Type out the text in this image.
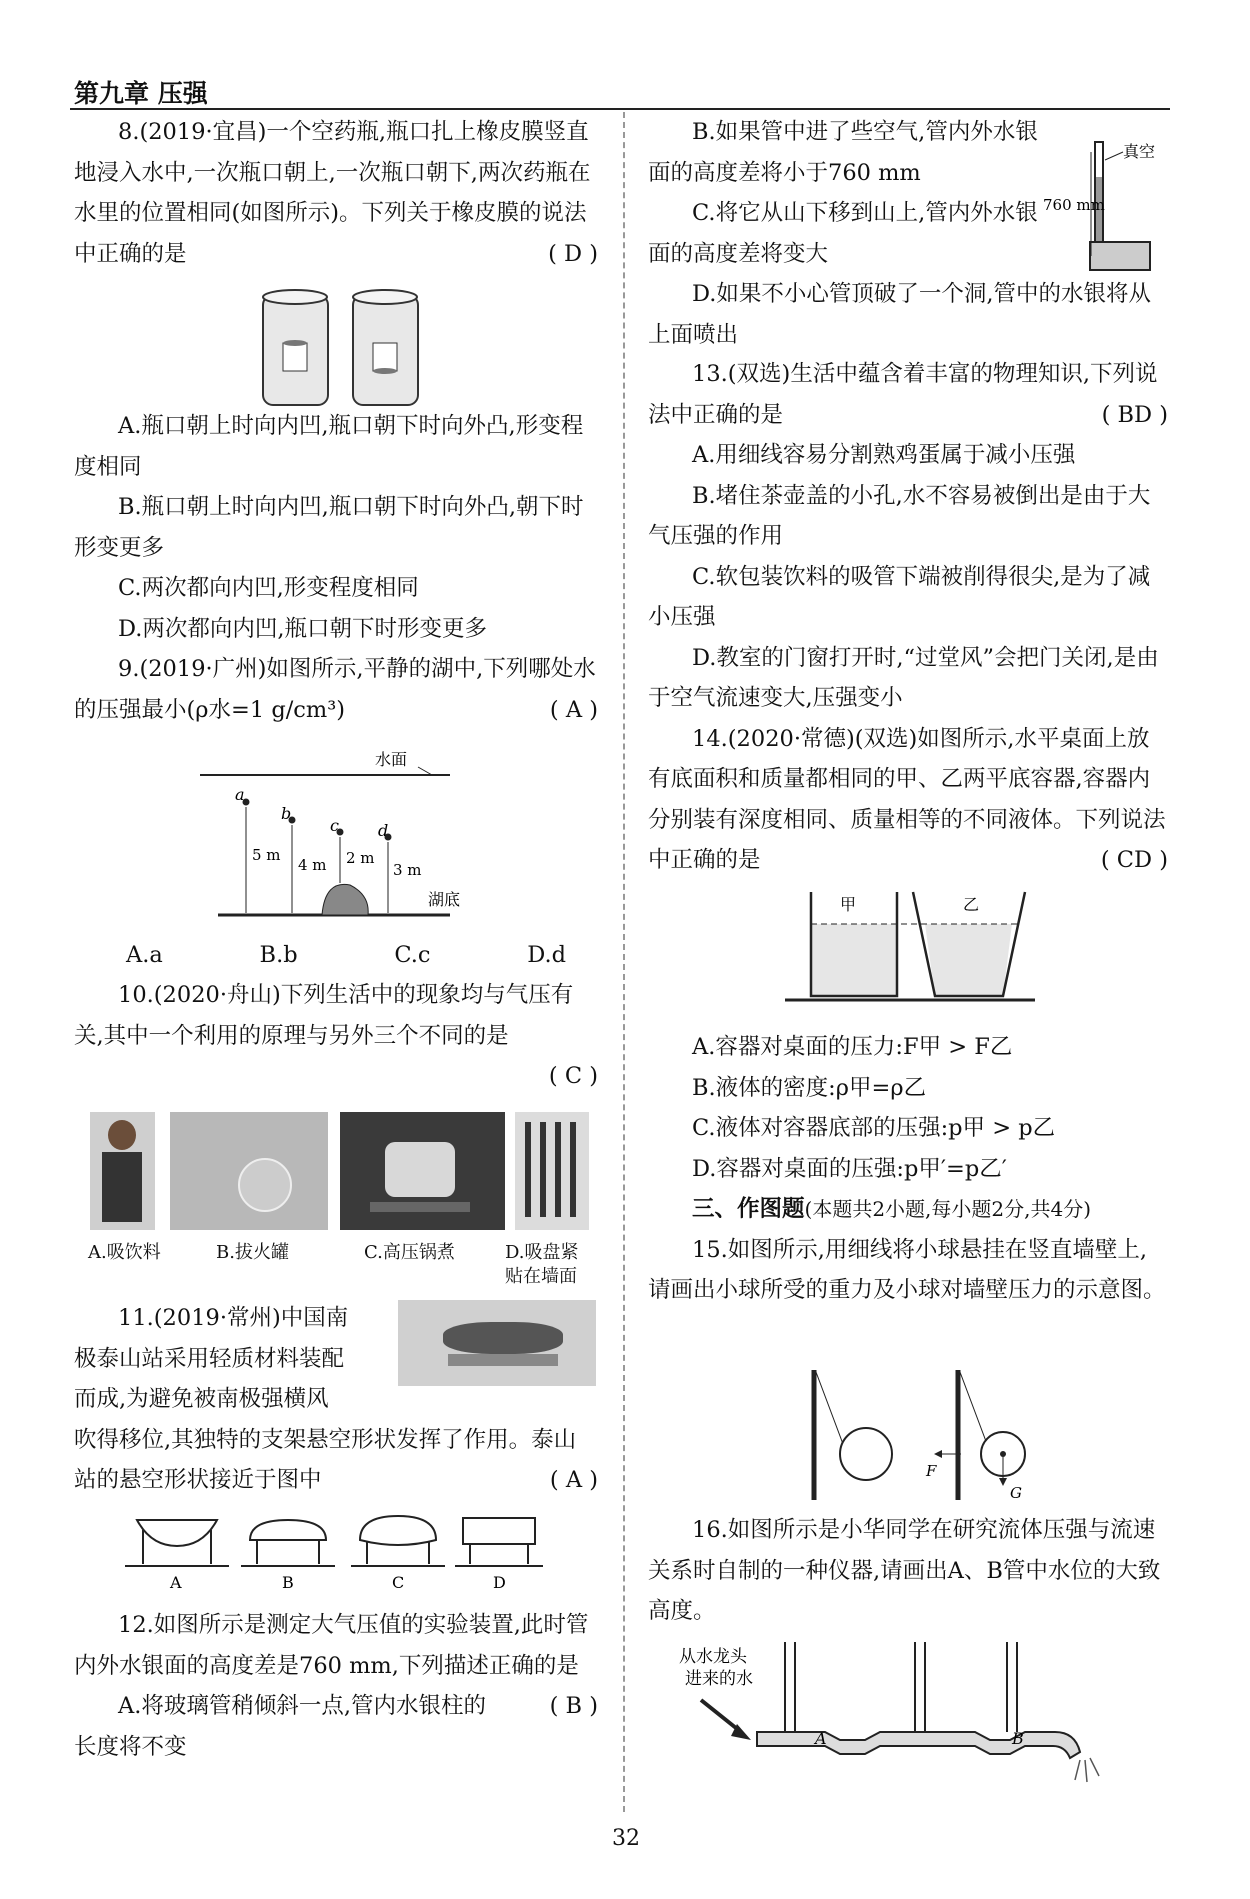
第九章 压强

8.(2019·宜昌)一个空药瓶,瓶口扎上橡皮膜竖直地浸入水中,一次瓶口朝上,一次瓶口朝下,两次药瓶在水里的位置相同(如图所示)。下列关于橡皮膜的说法中正确的是	( D )

A.瓶口朝上时向内凹,瓶口朝下时向外凸,形变程度相同

B.瓶口朝上时向内凹,瓶口朝下时向外凸,朝下时形变更多

C.两次都向内凹,形变程度相同

D.两次都向内凹,瓶口朝下时形变更多

9.(2019·广州)如图所示,平静的湖中,下列哪处水的压强最小(ρ水=1 g/cm³)	( A )

水面
a
b
c d
5 m
4 m 2 m
3 m
湖底
A.a	B.b	C.c	D.d

10.(2020·舟山)下列生活中的现象均与气压有关,其中一个利用的原理与另外三个不同的是

( C )

A.吸饮料	B.拔火罐	C.高压锅煮	D.吸盘紧
贴在墙面

11.(2019·常州)中国南

极泰山站采用轻质材料装配

而成,为避免被南极强横风

吹得移位,其独特的支架悬空形状发挥了作用。泰山站的悬空形状接近于图中	( A )

A	B	C	D

12.如图所示是测定大气压值的实验装置,此时管内外水银面的高度差是760 mm,下列描述正确的是
( B )

A.将玻璃管稍倾斜一点,管内水银柱的长度将不变

B.如果管中进了些空气,管内外水银面的高度差将小于760 mm

C.将它从山下移到山上,管内外水银面的高度差将变大

D.如果不小心管顶破了一个洞,管中的水银将从上面喷出

760 mm
真空

13.(双选)生活中蕴含着丰富的物理知识,下列说法中正确的是	( BD )

A.用细线容易分割熟鸡蛋属于减小压强

B.堵住茶壶盖的小孔,水不容易被倒出是由于大气压强的作用

C.软包装饮料的吸管下端被削得很尖,是为了减小压强

D.教室的门窗打开时,“过堂风”会把门关闭,是由于空气流速变大,压强变小

14.(2020·常德)(双选)如图所示,水平桌面上放有底面积和质量都相同的甲、乙两平底容器,容器内分别装有深度相同、质量相等的不同液体。下列说法中正确的是	( CD )

甲	乙

A.容器对桌面的压力:F甲 > F乙

B.液体的密度:ρ甲=ρ乙

C.液体对容器底部的压强:p甲 > p乙

D.容器对桌面的压强:p甲′=p乙′

三、作图题(本题共2小题,每小题2分,共4分)

15.如图所示,用细线将小球悬挂在竖直墙壁上,请画出小球所受的重力及小球对墙壁压力的示意图。

F
G

16.如图所示是小华同学在研究流体压强与流速关系时自制的一种仪器,请画出A、B管中水位的大致高度。

从水龙头
进来的水
A	B
32
